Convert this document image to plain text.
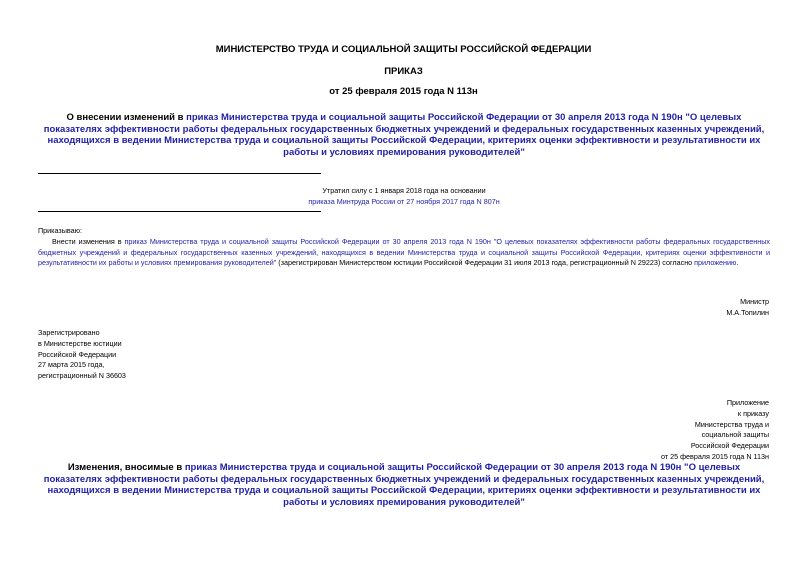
МИНИСТЕРСТВО ТРУДА И СОЦИАЛЬНОЙ ЗАЩИТЫ РОССИЙСКОЙ ФЕДЕРАЦИИ
ПРИКАЗ
от 25 февраля 2015 года N 113н
О внесении изменений в приказ Министерства труда и социальной защиты Российской Федерации от 30 апреля 2013 года N 190н "О целевых показателях эффективности работы федеральных государственных бюджетных учреждений и федеральных государственных казенных учреждений, находящихся в ведении Министерства труда и социальной защиты Российской Федерации, критериях оценки эффективности и результативности их работы и условиях премирования руководителей"
Утратил силу с 1 января 2018 года на основании
приказа Минтруда России от 27 ноября 2017 года N 807н

Приказываю:

Внести изменения в приказ Министерства труда и социальной защиты Российской Федерации от 30 апреля 2013 года N 190н "О целевых показателях эффективности работы федеральных государственных бюджетных учреждений и федеральных государственных казенных учреждений, находящихся в ведении Министерства труда и социальной защиты Российской Федерации, критериях оценки эффективности и результативности их работы и условиях премирования руководителей" (зарегистрирован Министерством юстиции Российской Федерации 31 июля 2013 года, регистрационный N 29223) согласно приложению.

Министр
М.А.Топилин
Зарегистрировано
в Министерстве юстиции
Российской Федерации
27 марта 2015 года,
регистрационный N 36603
Приложение
к приказу
Министерства труда и
социальной защиты
Российской Федерации
от 25 февраля 2015 года N 113н
Изменения, вносимые в приказ Министерства труда и социальной защиты Российской Федерации от 30 апреля 2013 года N 190н "О целевых показателях эффективности работы федеральных государственных бюджетных учреждений и федеральных государственных казенных учреждений, находящихся в ведении Министерства труда и социальной защиты Российской Федерации, критериях оценки эффективности и результативности их работы и условиях премирования руководителей"
